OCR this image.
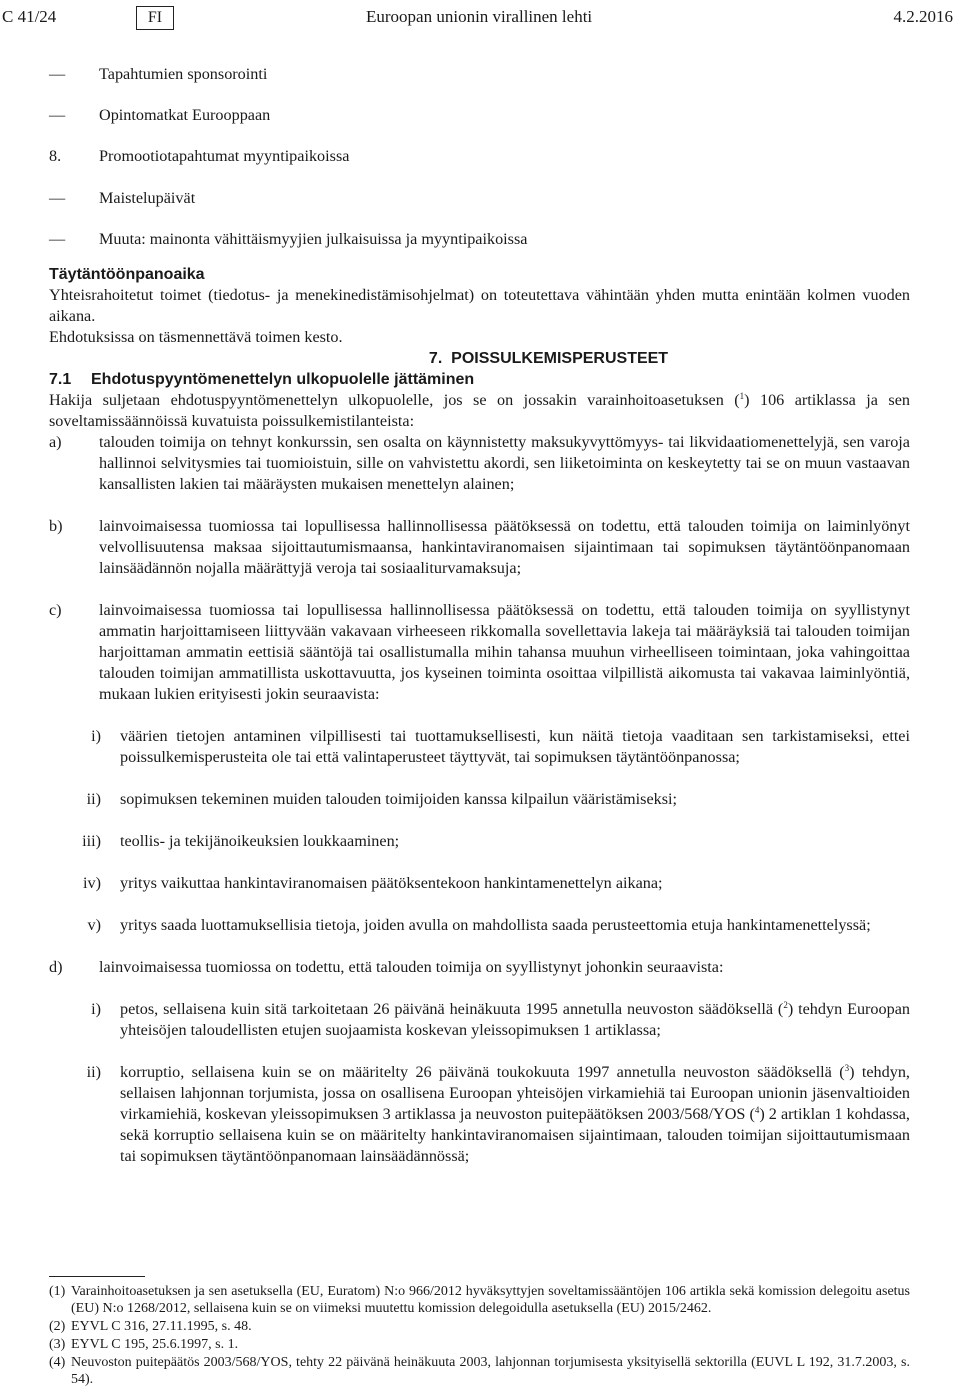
C 41/24	FI	Euroopan unionin virallinen lehti	4.2.2016
—	Tapahtumien sponsorointi
—	Opintomatkat Eurooppaan
8.	Promootiotapahtumat myyntipaikoissa
—	Maistelupäivät
—	Muuta: mainonta vähittäismyyjien julkaisuissa ja myyntipaikoissa

Täytäntöönpanoaika

Yhteisrahoitetut toimet (tiedotus- ja menekinedistämisohjelmat) on toteutettava vähintään yhden mutta enintään kolmen vuoden aikana.

Ehdotuksissa on täsmennettävä toimen kesto.

7. POISSULKEMISPERUSTEET

7.1	Ehdotuspyyntömenettelyn ulkopuolelle jättäminen

Hakija suljetaan ehdotuspyyntömenettelyn ulkopuolelle, jos se on jossakin varainhoitoasetuksen ($^1$) 106 artiklassa ja sen soveltamissäännöissä kuvatuista poissulkemistilanteista:

a)	talouden toimija on tehnyt konkurssin, sen osalta on käynnistetty maksukyvyttömyys- tai likvidaatiomenettelyjä, sen varoja hallinnoi selvitysmies tai tuomioistuin, sille on vahvistettu akordi, sen liiketoiminta on keskeytetty tai se on muun vastaavan kansallisten lakien tai määräysten mukaisen menettelyn alainen;
b)	lainvoimaisessa tuomiossa tai lopullisessa hallinnollisessa päätöksessä on todettu, että talouden toimija on laiminlyönyt velvollisuutensa maksaa sijoittautumismaansa, hankintaviranomaisen sijaintimaan tai sopimuksen täytäntöönpanomaan lainsäädännön nojalla määrättyjä veroja tai sosiaaliturvamaksuja;
c)	lainvoimaisessa tuomiossa tai lopullisessa hallinnollisessa päätöksessä on todettu, että talouden toimija on syyllistynyt ammatin harjoittamiseen liittyvään vakavaan virheeseen rikkomalla sovellettavia lakeja tai määräyksiä tai talouden toimijan harjoittaman ammatin eettisiä sääntöjä tai osallistumalla mihin tahansa muuhun virheelliseen toimintaan, joka vahingoittaa talouden toimijan ammatillista uskottavuutta, jos kyseinen toiminta osoittaa vilpillistä aikomusta tai vakavaa laiminlyöntiä, mukaan lukien erityisesti jokin seuraavista:
i)	väärien tietojen antaminen vilpillisesti tai tuottamuksellisesti, kun näitä tietoja vaaditaan sen tarkistamiseksi, ettei poissulkemisperusteita ole tai että valintaperusteet täyttyvät, tai sopimuksen täytäntöönpanossa;
ii)	sopimuksen tekeminen muiden talouden toimijoiden kanssa kilpailun vääristämiseksi;
iii)	teollis- ja tekijänoikeuksien loukkaaminen;
iv)	yritys vaikuttaa hankintaviranomaisen päätöksentekoon hankintamenettelyn aikana;
v)	yritys saada luottamuksellisia tietoja, joiden avulla on mahdollista saada perusteettomia etuja hankintamenettelyssä;
d)	lainvoimaisessa tuomiossa on todettu, että talouden toimija on syyllistynyt johonkin seuraavista:
i)	petos, sellaisena kuin sitä tarkoitetaan 26 päivänä heinäkuuta 1995 annetulla neuvoston säädöksellä ($^2$) tehdyn Euroopan yhteisöjen taloudellisten etujen suojaamista koskevan yleissopimuksen 1 artiklassa;
ii)	korruptio, sellaisena kuin se on määritelty 26 päivänä toukokuuta 1997 annetulla neuvoston säädöksellä ($^3$) tehdyn, sellaisen lahjonnan torjumista, jossa on osallisena Euroopan yhteisöjen virkamiehiä tai Euroopan unionin jäsenvaltioiden virkamiehiä, koskevan yleissopimuksen 3 artiklassa ja neuvoston puitepäätöksen 2003/568/YOS ($^4$) 2 artiklan 1 kohdassa, sekä korruptio sellaisena kuin se on määritelty hankintaviranomaisen sijaintimaan, talouden toimijan sijoittautumismaan tai sopimuksen täytäntöönpanomaan lainsäädännössä;
(1) Varainhoitoasetuksen ja sen asetuksella (EU, Euratom) N:o 966/2012 hyväksyttyjen soveltamissääntöjen 106 artikla sekä komission delegoitu asetus (EU) N:o 1268/2012, sellaisena kuin se on viimeksi muutettu komission delegoidulla asetuksella (EU) 2015/2462.
(2) EYVL C 316, 27.11.1995, s. 48.
(3) EYVL C 195, 25.6.1997, s. 1.
(4) Neuvoston puitepäätös 2003/568/YOS, tehty 22 päivänä heinäkuuta 2003, lahjonnan torjumisesta yksityisellä sektorilla (EUVL L 192, 31.7.2003, s. 54).
